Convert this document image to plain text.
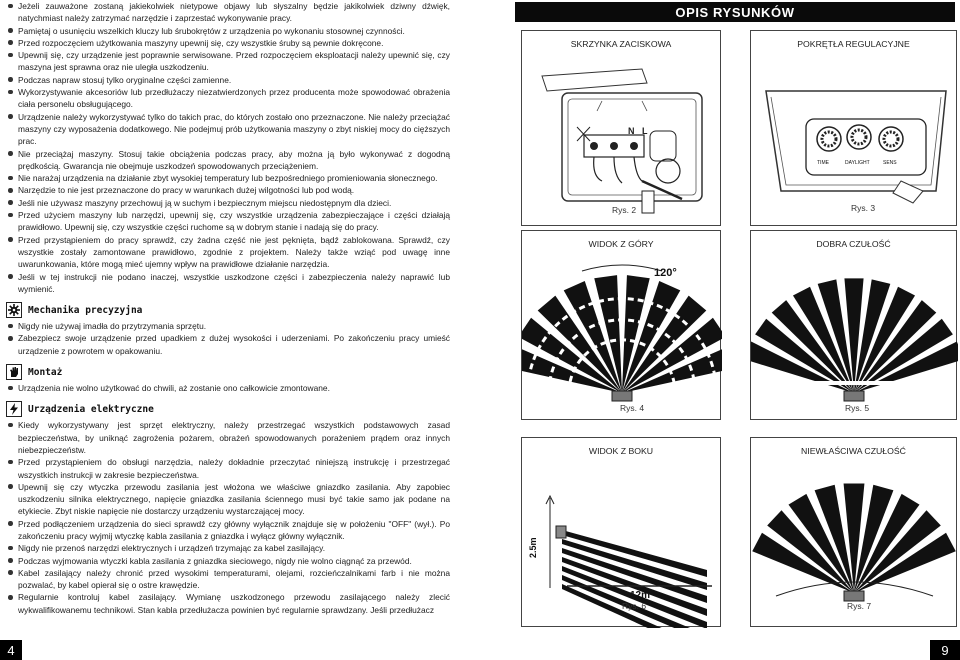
Jeżeli zauważone zostaną jakiekolwiek nietypowe objawy lub słyszalny będzie jakikolwiek dziwny dźwięk, natychmiast należy zatrzymać narzędzie i zaprzestać wykonywanie pracy.
Pamiętaj o usunięciu wszelkich kluczy lub śrubokrętów z urządzenia po wykonaniu stosownej czynności.
Przed rozpoczęciem użytkowania maszyny upewnij się, czy wszystkie śruby są pewnie dokręcone.
Upewnij się, czy urządzenie jest poprawnie serwisowane. Przed rozpoczęciem eksploatacji należy upewnić się, czy maszyna jest sprawna oraz nie uległa uszkodzeniu.
Podczas napraw stosuj tylko oryginalne części zamienne.
Wykorzystywanie akcesoriów lub przedłużaczy niezatwierdzonych przez producenta może spowodować obrażenia ciała personelu obsługującego.
Urządzenie należy wykorzystywać tylko do takich prac, do których zostało ono przeznaczone. Nie należy przeciążać maszyny czy wyposażenia dodatkowego. Nie podejmuj prób użytkowania maszyny o zbyt niskiej mocy do cięższych prac.
Nie przeciążaj maszyny. Stosuj takie obciążenia podczas pracy, aby można ją było wykonywać z dogodną prędkością. Gwarancja nie obejmuje uszkodzeń spowodowanych przeciążeniem.
Nie narażaj urządzenia na działanie zbyt wysokiej temperatury lub bezpośredniego promieniowania słonecznego.
Narzędzie to nie jest przeznaczone do pracy w warunkach dużej wilgotności lub pod wodą.
Jeśli nie używasz maszyny przechowuj ją w suchym i bezpiecznym miejscu niedostępnym dla dzieci.
Przed użyciem maszyny lub narzędzi, upewnij się, czy wszystkie urządzenia zabezpieczające i części działają prawidłowo. Upewnij się, czy wszystkie części ruchome są w dobrym stanie i nadają się do pracy.
Przed przystąpieniem do pracy sprawdź, czy żadna część nie jest pęknięta, bądź zablokowana. Sprawdź, czy wszystkie zostały zamontowane prawidłowo, zgodnie z projektem. Należy także wziąć pod uwagę inne uwarunkowania, które mogą mieć ujemny wpływ na prawidłowe działanie narzędzia.
Jeśli w tej instrukcji nie podano inaczej, wszystkie uszkodzone części i zabezpieczenia należy naprawić lub wymienić.
Mechanika precyzyjna
Nigdy nie używaj imadła do przytrzymania sprzętu.
Zabezpiecz swoje urządzenie przed upadkiem z dużej wysokości i uderzeniami. Po zakończeniu pracy umieść urządzenie z powrotem w opakowaniu.
Montaż
Urządzenia nie wolno użytkować do chwili, aż zostanie ono całkowicie zmontowane.
Urządzenia elektryczne
Kiedy wykorzystywany jest sprzęt elektryczny, należy przestrzegać wszystkich podstawowych zasad bezpieczeństwa, by uniknąć zagrożenia pożarem, obrażeń spowodowanych porażeniem prądem oraz innych niebezpieczeństw.
Przed przystąpieniem do obsługi narzędzia, należy dokładnie przeczytać niniejszą instrukcję i przestrzegać wszystkich instrukcji w zakresie bezpieczeństwa.
Upewnij się czy wtyczka przewodu zasilania jest włożona we właściwe gniazdko zasilania. Aby zapobiec uszkodzeniu silnika elektrycznego, napięcie gniazdka zasilania ściennego musi być takie samo jak podane na etykiecie. Zbyt niskie napięcie nie dostarczy urządzeniu wystarczającej mocy.
Przed podłączeniem urządzenia do sieci sprawdź czy główny wyłącznik znajduje się w położeniu "OFF" (wył.). Po zakończeniu pracy wyjmij wtyczkę kabla zasilania z gniazdka i wyłącz główny wyłącznik.
Nigdy nie przenoś narzędzi elektrycznych i urządzeń trzymając za kabel zasilający.
Podczas wyjmowania wtyczki kabla zasilania z gniazdka sieciowego, nigdy nie wolno ciągnąć za przewód.
Kabel zasilający należy chronić przed wysokimi temperaturami, olejami, rozcieńczalnikami farb i nie można pozwalać, by kabel opierał się o ostre krawędzie.
Regularnie kontroluj kabel zasilający. Wymianę uszkodzonego przewodu zasilającego należy zlecić wykwalifikowanemu technikowi. Stan kabla przedłużacza powinien być regularnie sprawdzany. Jeśli przedłużacz
4
OPIS RYSUNKÓW
SKRZYNKA ZACISKOWA
N L
Rys. 2
POKRĘTŁA REGULACYJNE
TIME	DAYLIGHT	SENS
Rys. 3
WIDOK Z GÓRY
120°
Rys. 4
DOBRA CZUŁOŚĆ
Rys. 5
WIDOK Z BOKU
2.5m
12m
Rys. 6
NIEWŁAŚCIWA CZUŁOŚĆ
Rys. 7
9
